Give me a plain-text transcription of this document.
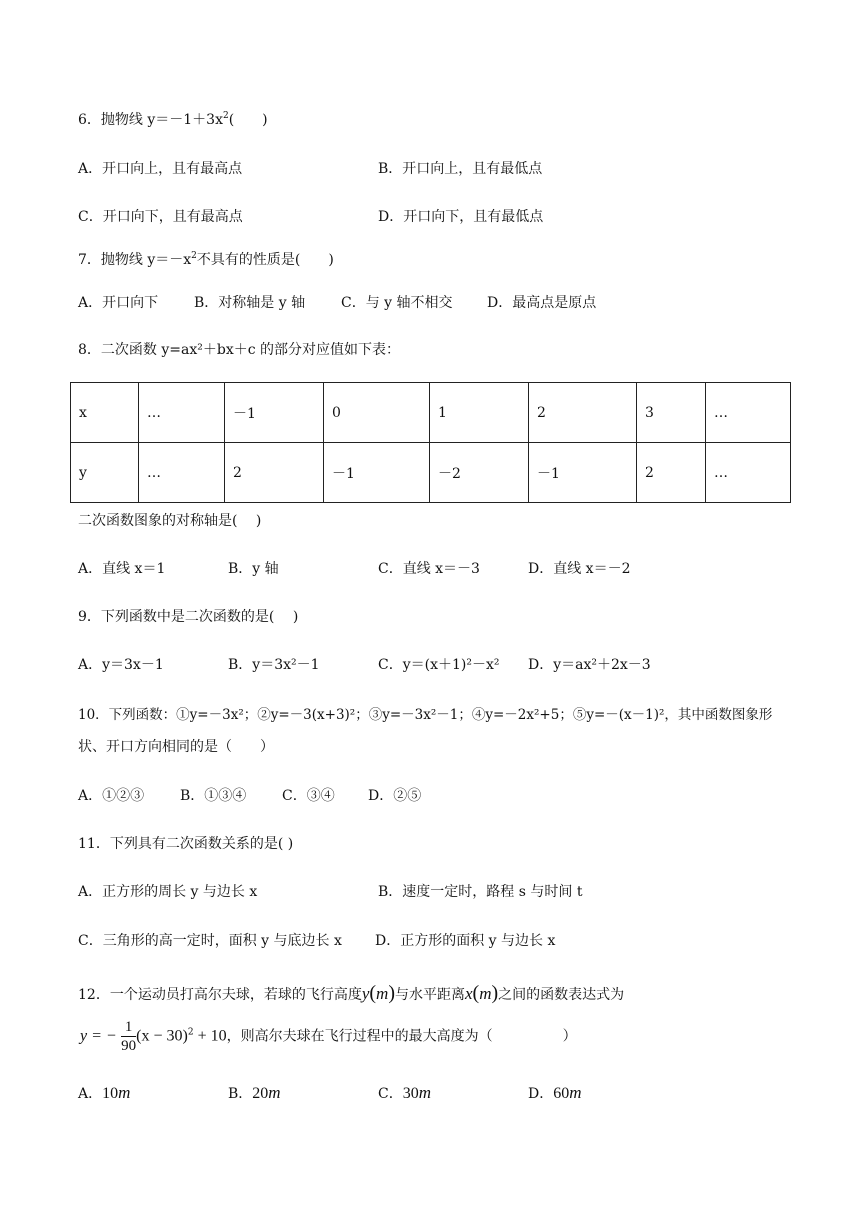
6．抛物线 $y=-1+3x^2$(　　)
A．开口向上，且有最高点	B．开口向上，且有最低点
C．开口向下，且有最高点	D．开口向下，且有最低点
7．抛物线 $y=-x^2$不具有的性质是(　　)
A．开口向下	B．对称轴是 y 轴	C．与 y 轴不相交 D．最高点是原点
8．二次函数 y=ax²＋bx＋c 的部分对应值如下表：
x	…	－1	0	1	2	3	…
y	…	2	－1	－2	－1	2	…
二次函数图象的对称轴是(　 )
A．直线 x＝1	B．y 轴	C．直线 x＝－3	D．直线 x＝－2
9．下列函数中是二次函数的是(　 )
A．y＝3x－1	B．y＝3x²－1	C．y＝(x＋1)²－x² D．y＝ax²＋2x－3
10．下列函数：①y=－3x²；②y=－3(x+3)²；③y=－3x²－1；④y=－2x²+5；⑤y=－(x－1)²，其中函数图象形
状、开口方向相同的是（　　）
A．①②③	B．①③④	C．③④ D．②⑤
11．下列具有二次函数关系的是( )
A．正方形的周长 y 与边长 x	B．速度一定时，路程 s 与时间 t
C．三角形的高一定时，面积 y 与底边长 x D．正方形的面积 y 与边长 x
12．一个运动员打高尔夫球，若球的飞行高度y(m)与水平距离x(m)之间的函数表达式为
y = − $\frac{1}{90} (x - 30)^2 + 10$，则高尔夫球在飞行过程中的最大高度为（　　　　　）
A．10m	B．20m	C．30m	D．60m
